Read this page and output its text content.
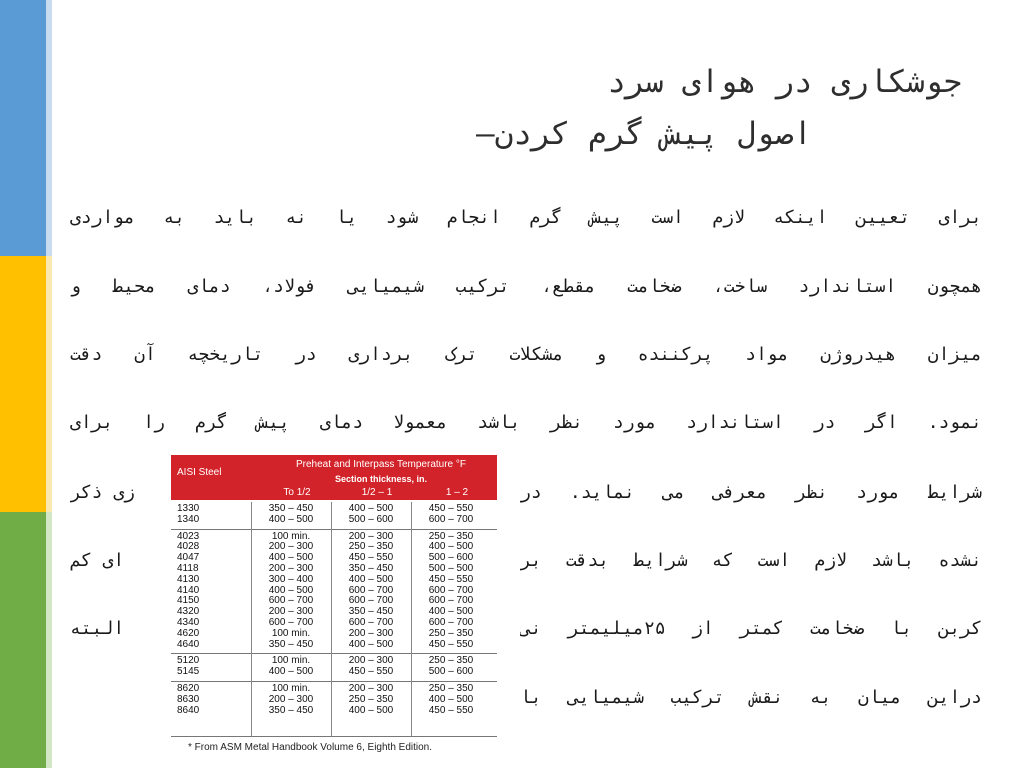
جوشکاری در هوای سرد
اصول پیش گرم کردن–
برای تعیین اینکه لازم است پیش گرم انجام شود یا نه باید به مواردی
همچون استاندارد ساخت، ضخامت مقطع، ترکیب شیمیایی فولاد، دمای محیط و
میزان هیدروژن مواد پرکننده و مشکلات ترک برداری در تاریخچه آن دقت
نمود. اگر در استاندارد مورد نظر باشد معمولا دمای پیش گرم را برای
شرایط مورد نظر معرفی می نماید. در
نشده باشد لازم است که شرایط بدقت بر
کربن با ضخامت کمتر از ۲۵میلیمتر نی
دراین میان به نقش ترکیب شیمیایی با
زی ذکر
ای کم
البته
AISI Steel
Preheat and Interpass Temperature °F
Section thickness, in.
To 1/2	1/2 – 1	1 – 2
1330	350 – 450	400 – 500	450 – 550
1340	400 – 500	500 – 600	600 – 700
4023	100 min.	200 – 300	250 – 350
4028	200 – 300	250 – 350	400 – 500
4047	400 – 500	450 – 550	500 – 600
4118	200 – 300	350 – 450	500 – 500
4130	300 – 400	400 – 500	450 – 550
4140	400 – 500	600 – 700	600 – 700
4150	600 – 700	600 – 700	600 – 700
4320	200 – 300	350 – 450	400 – 500
4340	600 – 700	600 – 700	600 – 700
4620	100 min.	200 – 300	250 – 350
4640	350 – 450	400 – 500	450 – 550
5120	100 min.	200 – 300	250 – 350
5145	400 – 500	450 – 550	500 – 600
8620	100 min.	200 – 300	250 – 350
8630	200 – 300	250 – 350	400 – 500
8640	350 – 450	400 – 500	450 – 550
* From ASM Metal Handbook Volume 6, Eighth Edition.
